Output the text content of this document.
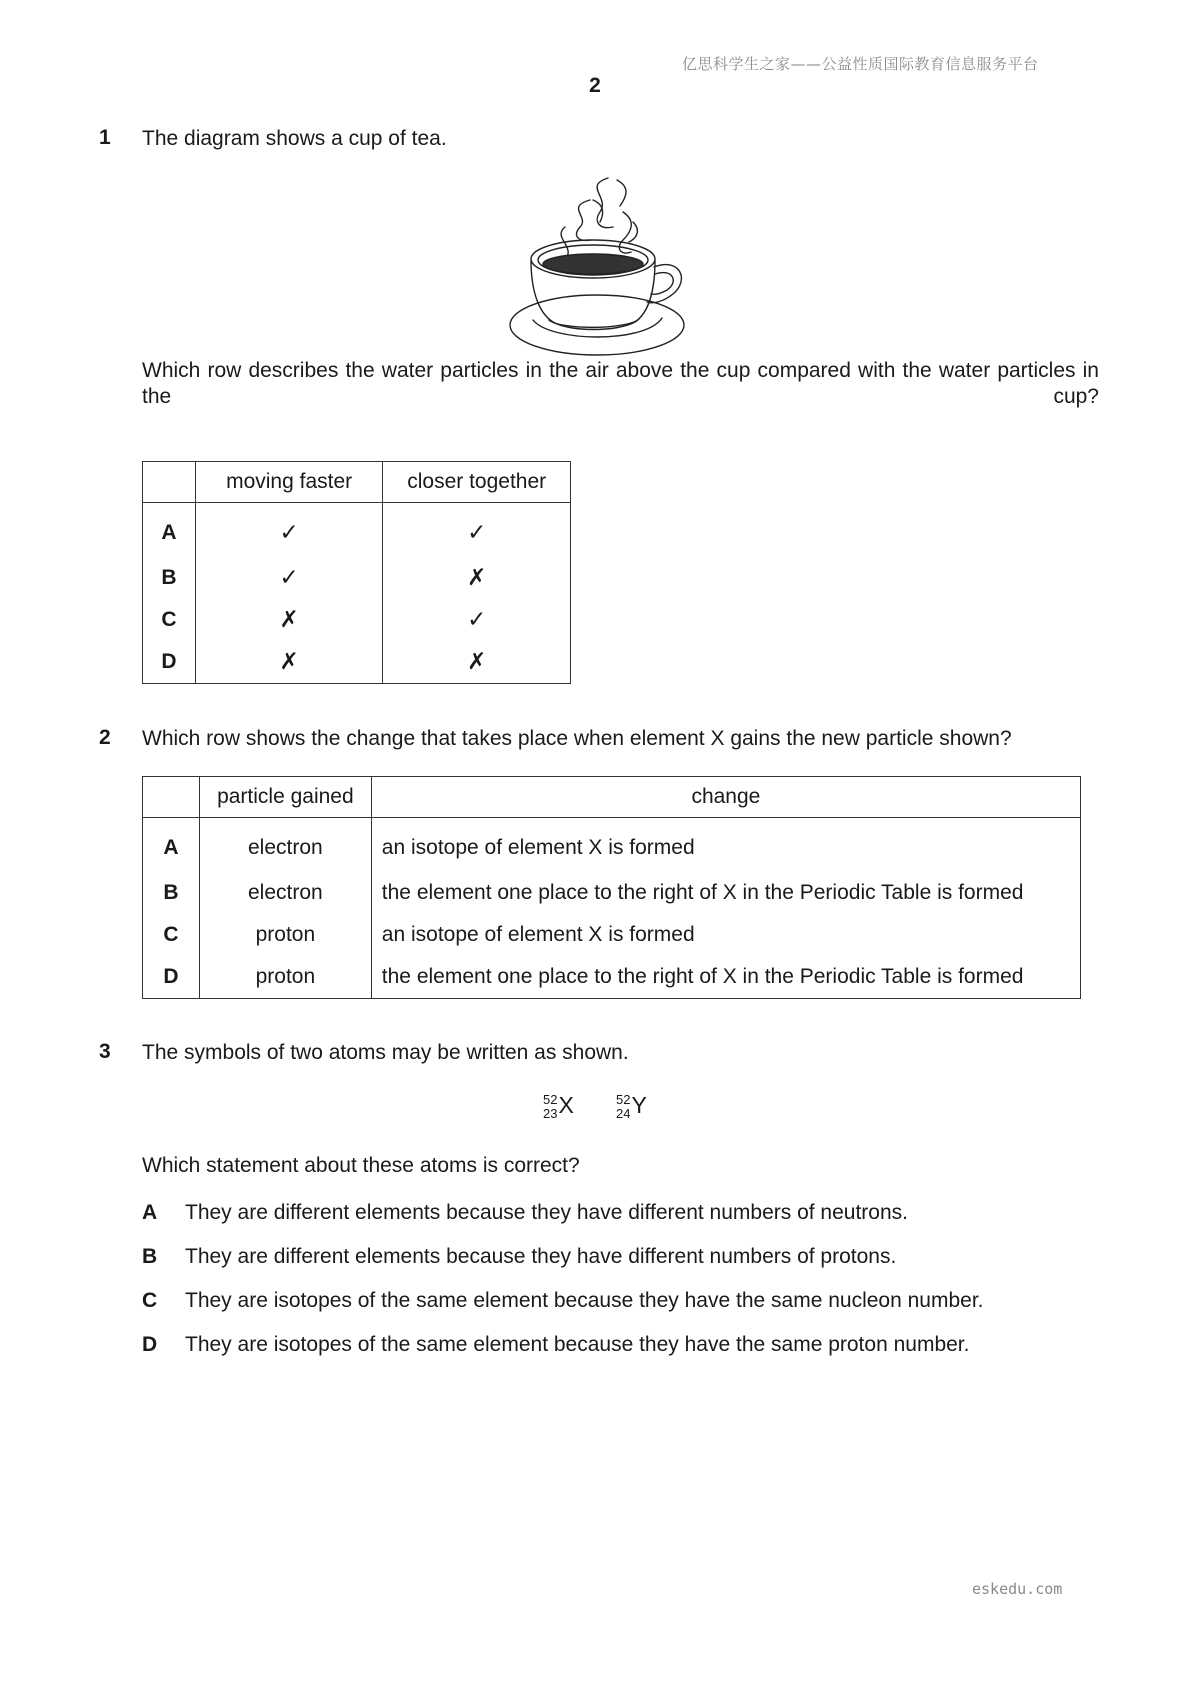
亿思科学生之家——公益性质国际教育信息服务平台
2
1 The diagram shows a cup of tea.
Which row describes the water particles in the air above the cup compared with the water particles in the cup?
	moving faster	closer together
A	✓	✓
B	✓	✗
C	✗	✓
D	✗	✗
2 Which row shows the change that takes place when element X gains the new particle shown?
	particle gained	change
A	electron	an isotope of element X is formed
B	electron	the element one place to the right of X in the Periodic Table is formed
C	proton	an isotope of element X is formed
D	proton	the element one place to the right of X in the Periodic Table is formed
3 The symbols of two atoms may be written as shown.
52
23X	52
24Y
Which statement about these atoms is correct?
A They are different elements because they have different numbers of neutrons.
B They are different elements because they have different numbers of protons.
C They are isotopes of the same element because they have the same nucleon number.
D They are isotopes of the same element because they have the same proton number.
eskedu.com
